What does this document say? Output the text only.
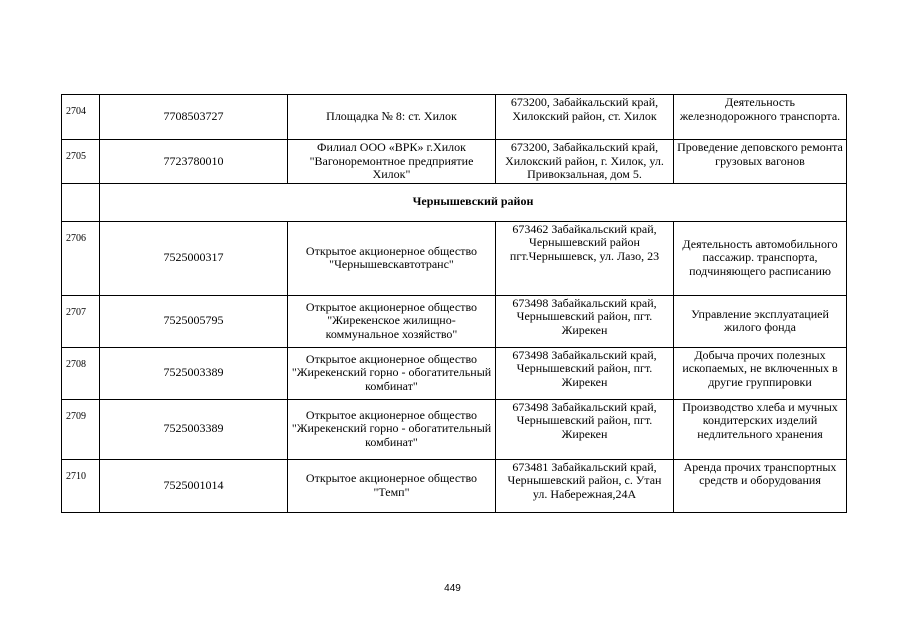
2704	7708503727	Площадка № 8: ст. Хилок	673200, Забайкальский край, Хилокский район, ст. Хилок	Деятельность железнодорожного транспорта.
2705	7723780010	Филиал ООО «ВРК» г.Хилок "Вагоноремонтное предприятие Хилок"	673200, Забайкальский край, Хилокский район, г. Хилок, ул. Привокзальная, дом 5.	Проведение деповского ремонта грузовых вагонов
	Чернышевский район			
2706	7525000317	Открытое акционерное общество "Чернышевскавтотранс"	673462 Забайкальский край, Чернышевский район пгт.Чернышевск, ул. Лазо, 23	Деятельность автомобильного пассажир. транспорта, подчиняющего расписанию
2707	7525005795	Открытое акционерное общество "Жирекенское жилищно-коммунальное хозяйство"	673498 Забайкальский край, Чернышевский район, пгт. Жирекен	Управление эксплуатацией жилого фонда
2708	7525003389	Открытое акционерное общество "Жирекенский горно - обогатительный комбинат"	673498 Забайкальский край, Чернышевский район, пгт. Жирекен	Добыча прочих полезных ископаемых, не включенных в другие группировки
2709	7525003389	Открытое акционерное общество "Жирекенский горно - обогатительный комбинат"	673498 Забайкальский край, Чернышевский район, пгт. Жирекен	Производство хлеба и мучных кондитерских изделий недлительного хранения
2710	7525001014	Открытое акционерное общество "Темп"	673481 Забайкальский край, Чернышевский район, с. Утан ул. Набережная,24А	Аренда прочих транспортных средств и оборудования
449
